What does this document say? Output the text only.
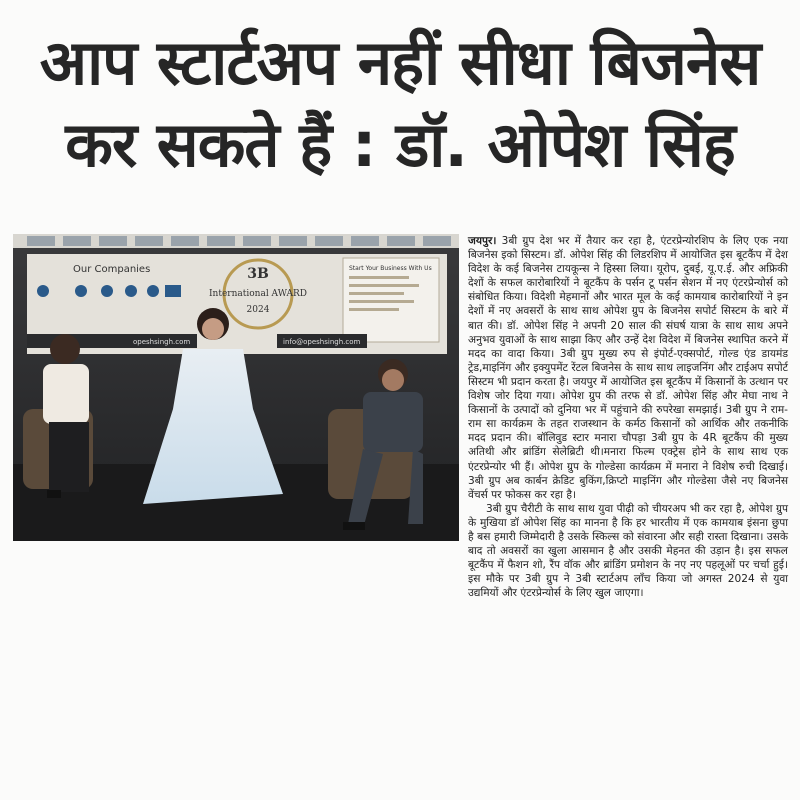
आप स्टार्टअप नहीं सीधा बिजनेस
कर सकते हैं : डॉ. ओपेश सिंह
Our Companies	3B
International AWARD
2024
Start Your Business With Us
opeshsingh.com	info@opeshsingh.com

जयपुर। 3बी ग्रुप देश भर में तैयार कर रहा है, एंटरप्रेन्योरशिप के लिए एक नया बिजनेस इको सिस्टम। डॉ. ओपेश सिंह की लिडरशिप में आयोजित इस बूटकैंप में देश विदेश के कई बिजनेस टायकून्स ने हिस्सा लिया। यूरोप, दुबई, यू.ए.ई. और अफ्रिकी देशों के सफल कारोबारियों ने बूटकैंप के पर्सन टू पर्सन सेशन में नए एंटरप्रेन्योर्स को संबोधित किया। विदेशी मेहमानों और भारत मूल के कई कामयाब कारोबारियों ने इन देशों में नए अवसरों के साथ साथ ओपेश ग्रुप के बिजनेस सपोर्ट सिस्टम के बारे में बात की। डॉ. ओपेश सिंह ने अपनी 20 साल की संघर्ष यात्रा के साथ साथ अपने अनुभव युवाओं के साथ साझा किए और उन्हें देश विदेश में बिजनेस स्थापित करने में मदद का वादा किया। 3बी ग्रुप मुख्य रुप से इंपोर्ट-एक्सपोर्ट, गोल्ड एंड डायमंड ट्रेड,माइनिंग और इक्युपमेंट रेंटल बिजनेस के साथ साथ लाइजनिंग और टाईअप सपोर्ट सिस्टम भी प्रदान करता है। जयपुर में आयोजित इस बूटकैंप में किसानों के उत्थान पर विशेष जोर दिया गया। ओपेश ग्रुप की तरफ से डॉ. ओपेश सिंह और मेघा नाथ ने किसानों के उत्पादों को दुनिया भर में पहुंचाने की रुपरेखा समझाई। 3बी ग्रुप ने राम-राम सा कार्यक्रम के तहत राजस्थान के कर्मठ किसानों को आर्थिक और तकनीकि मदद प्रदान की। बॉलिवुड स्टार मनारा चौपड़ा 3बी ग्रुप के 4R बूटकैंप की मुख्य अतिथी और ब्रांडिंग सेलेब्रिटी थी।मनारा फिल्म एक्ट्रेस होने के साथ साथ एक एंटरप्रेन्योर भी हैं। ओपेश ग्रुप के गोल्डेसा कार्यक्रम में मनारा ने विशेष रुची दिखाई। 3बी ग्रुप अब कार्बन क्रेडिट बुकिंग,क्रिप्टो माइनिंग और गोल्डेसा जैसे नए बिजनेस वेंचर्स पर फोकस कर रहा है।

3बी ग्रुप चैरीटी के साथ साथ युवा पीढ़ी को चीयरअप भी कर रहा है, ओपेश ग्रुप के मुखिया डॉ ओपेश सिंह का मानना है कि हर भारतीय में एक कामयाब इंसना छुपा है बस हमारी जिम्मेदारी है उसके स्किल्स को संवारना और सही रास्ता दिखाना। उसके बाद तो अवसरों का खुला आसमान है और उसकी मेहनत की उड़ान है। इस सफल बूटकैंप में फैशन शो, रैंप वॉक और ब्रांडिंग प्रमोशन के नए नए पहलूओं पर चर्चा हुई। इस मौके पर 3बी ग्रुप ने 3बी स्टार्टअप लॉंच किया जो अगस्त 2024 से युवा उद्यमियों और एंटरप्रेन्योर्स के लिए खुल जाएगा।
